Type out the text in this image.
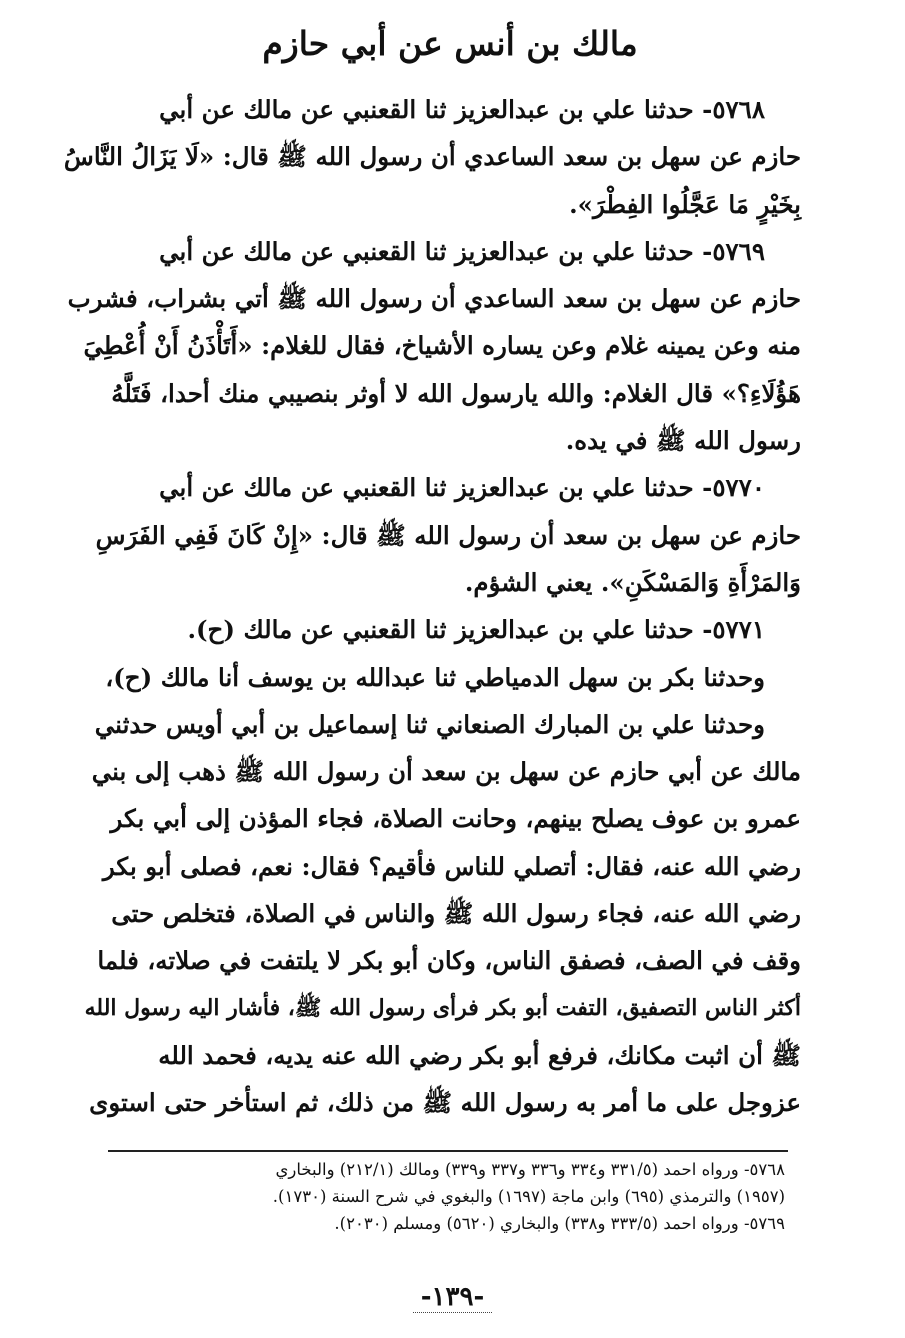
مالك بن أنس عن أبي حازم
٥٧٦٨- حدثنا علي بن عبدالعزيز ثنا القعنبي عن مالك عن أبي
حازم عن سهل بن سعد الساعدي أن رسول الله ﷺ قال: «لَا يَزَالُ النَّاسُ
بِخَيْرٍ مَا عَجَّلُوا الفِطْرَ».
٥٧٦٩- حدثنا علي بن عبدالعزيز ثنا القعنبي عن مالك عن أبي
حازم عن سهل بن سعد الساعدي أن رسول الله ﷺ أتي بشراب، فشرب
منه وعن يمينه غلام وعن يساره الأشياخ، فقال للغلام: «أَتَأْذَنُ أَنْ أُعْطِيَ
هَؤُلَاءِ؟» قال الغلام: والله يارسول الله لا أوثر بنصيبي منك أحدا، فَتَلَّهُ
رسول الله ﷺ في يده.
٥٧٧٠- حدثنا علي بن عبدالعزيز ثنا القعنبي عن مالك عن أبي
حازم عن سهل بن سعد أن رسول الله ﷺ قال: «إِنْ كَانَ فَفِي الفَرَسِ
وَالمَرْأَةِ وَالمَسْكَنِ». يعني الشؤم.
٥٧٧١- حدثنا علي بن عبدالعزيز ثنا القعنبي عن مالك (ح).
وحدثنا بكر بن سهل الدمياطي ثنا عبدالله بن يوسف أنا مالك (ح)،
وحدثنا علي بن المبارك الصنعاني ثنا إسماعيل بن أبي أويس حدثني
مالك عن أبي حازم عن سهل بن سعد أن رسول الله ﷺ ذهب إلى بني
عمرو بن عوف يصلح بينهم، وحانت الصلاة، فجاء المؤذن إلى أبي بكر
رضي الله عنه، فقال: أتصلي للناس فأقيم؟ فقال: نعم، فصلى أبو بكر
رضي الله عنه، فجاء رسول الله ﷺ والناس في الصلاة، فتخلص حتى
وقف في الصف، فصفق الناس، وكان أبو بكر لا يلتفت في صلاته، فلما
أكثر الناس التصفيق، التفت أبو بكر فرأى رسول الله ﷺ، فأشار اليه رسول الله
ﷺ أن اثبت مكانك، فرفع أبو بكر رضي الله عنه يديه، فحمد الله
عزوجل على ما أمر به رسول الله ﷺ من ذلك، ثم استأخر حتى استوى
٥٧٦٨- ورواه احمد (٣٣١/٥ و٣٣٤ و٣٣٦ و٣٣٧ و٣٣٩) ومالك (٢١٢/١) والبخاري
(١٩٥٧) والترمذي (٦٩٥) وابن ماجة (١٦٩٧) والبغوي في شرح السنة (١٧٣٠).
٥٧٦٩- ورواه احمد (٣٣٣/٥ و٣٣٨) والبخاري (٥٦٢٠) ومسلم (٢٠٣٠).
-١٣٩-
